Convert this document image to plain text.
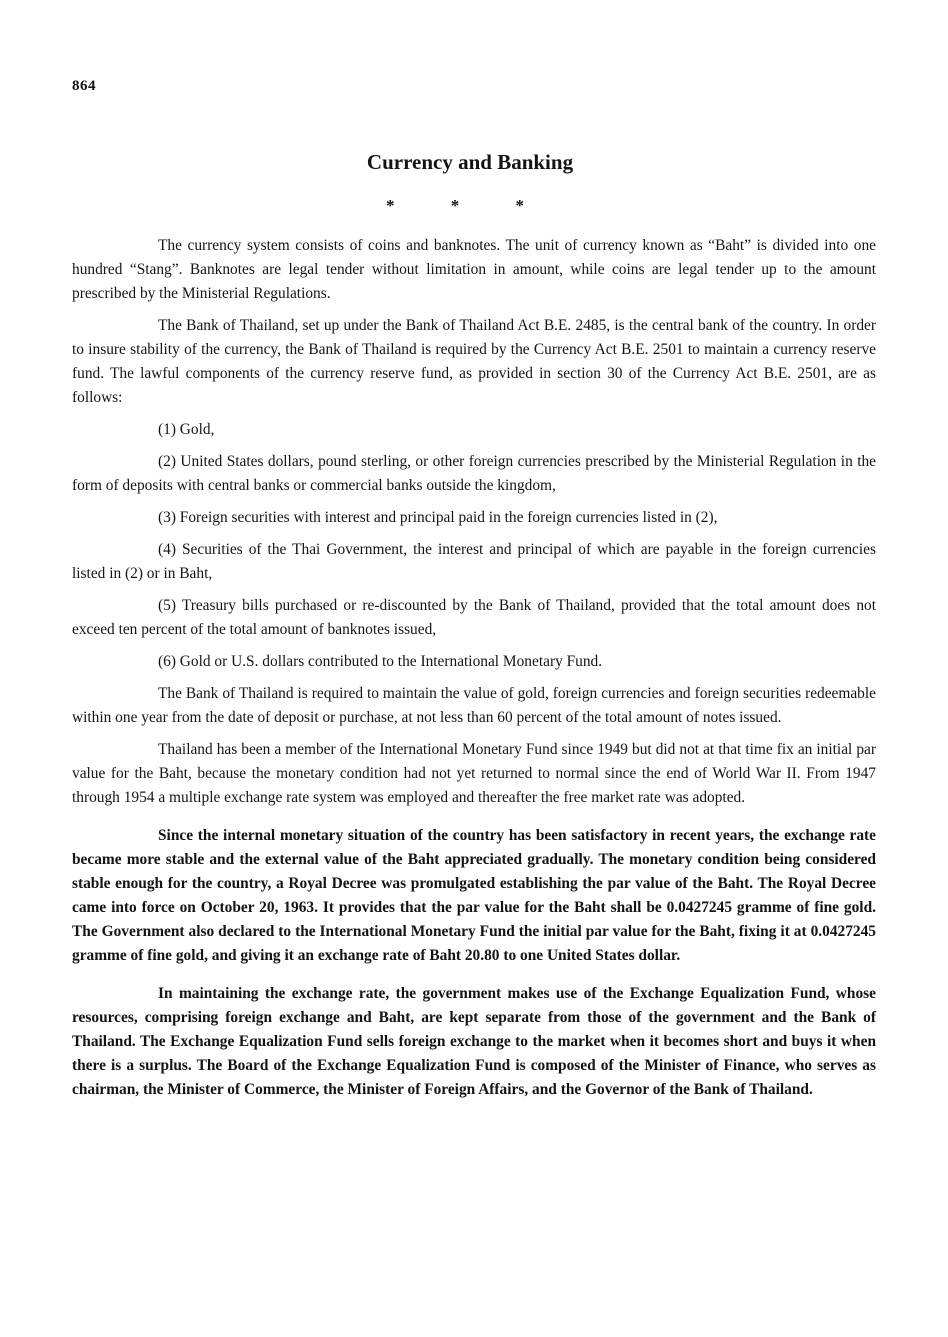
864
Currency and Banking
* * *

The currency system consists of coins and banknotes. The unit of currency known as “Baht” is divided into one hundred “Stang”. Banknotes are legal tender without limitation in amount, while coins are legal tender up to the amount prescribed by the Ministerial Regulations.

The Bank of Thailand, set up under the Bank of Thailand Act B.E. 2485, is the central bank of the country. In order to insure stability of the currency, the Bank of Thailand is required by the Currency Act B.E. 2501 to maintain a currency reserve fund. The lawful components of the currency reserve fund, as provided in section 30 of the Currency Act B.E. 2501, are as follows:

(1) Gold,

(2) United States dollars, pound sterling, or other foreign currencies prescribed by the Ministerial Regulation in the form of deposits with central banks or commercial banks outside the kingdom,

(3) Foreign securities with interest and principal paid in the foreign currencies listed in (2),

(4) Securities of the Thai Government, the interest and principal of which are payable in the foreign currencies listed in (2) or in Baht,

(5) Treasury bills purchased or re-discounted by the Bank of Thailand, provided that the total amount does not exceed ten percent of the total amount of banknotes issued,

(6) Gold or U.S. dollars contributed to the International Monetary Fund.

The Bank of Thailand is required to maintain the value of gold, foreign currencies and foreign securities redeemable within one year from the date of deposit or purchase, at not less than 60 percent of the total amount of notes issued.

Thailand has been a member of the International Monetary Fund since 1949 but did not at that time fix an initial par value for the Baht, because the monetary condition had not yet returned to normal since the end of World War II. From 1947 through 1954 a multiple exchange rate system was employed and thereafter the free market rate was adopted.

Since the internal monetary situation of the country has been satisfactory in recent years, the exchange rate became more stable and the external value of the Baht appreciated gradually. The monetary condition being considered stable enough for the country, a Royal Decree was promulgated establishing the par value of the Baht. The Royal Decree came into force on October 20, 1963. It provides that the par value for the Baht shall be 0.0427245 gramme of fine gold. The Government also declared to the International Monetary Fund the initial par value for the Baht, fixing it at 0.0427245 gramme of fine gold, and giving it an exchange rate of Baht 20.80 to one United States dollar.

In maintaining the exchange rate, the government makes use of the Exchange Equalization Fund, whose resources, comprising foreign exchange and Baht, are kept separate from those of the government and the Bank of Thailand. The Exchange Equalization Fund sells foreign exchange to the market when it becomes short and buys it when there is a surplus. The Board of the Exchange Equalization Fund is composed of the Minister of Finance, who serves as chairman, the Minister of Commerce, the Minister of Foreign Affairs, and the Governor of the Bank of Thailand.
